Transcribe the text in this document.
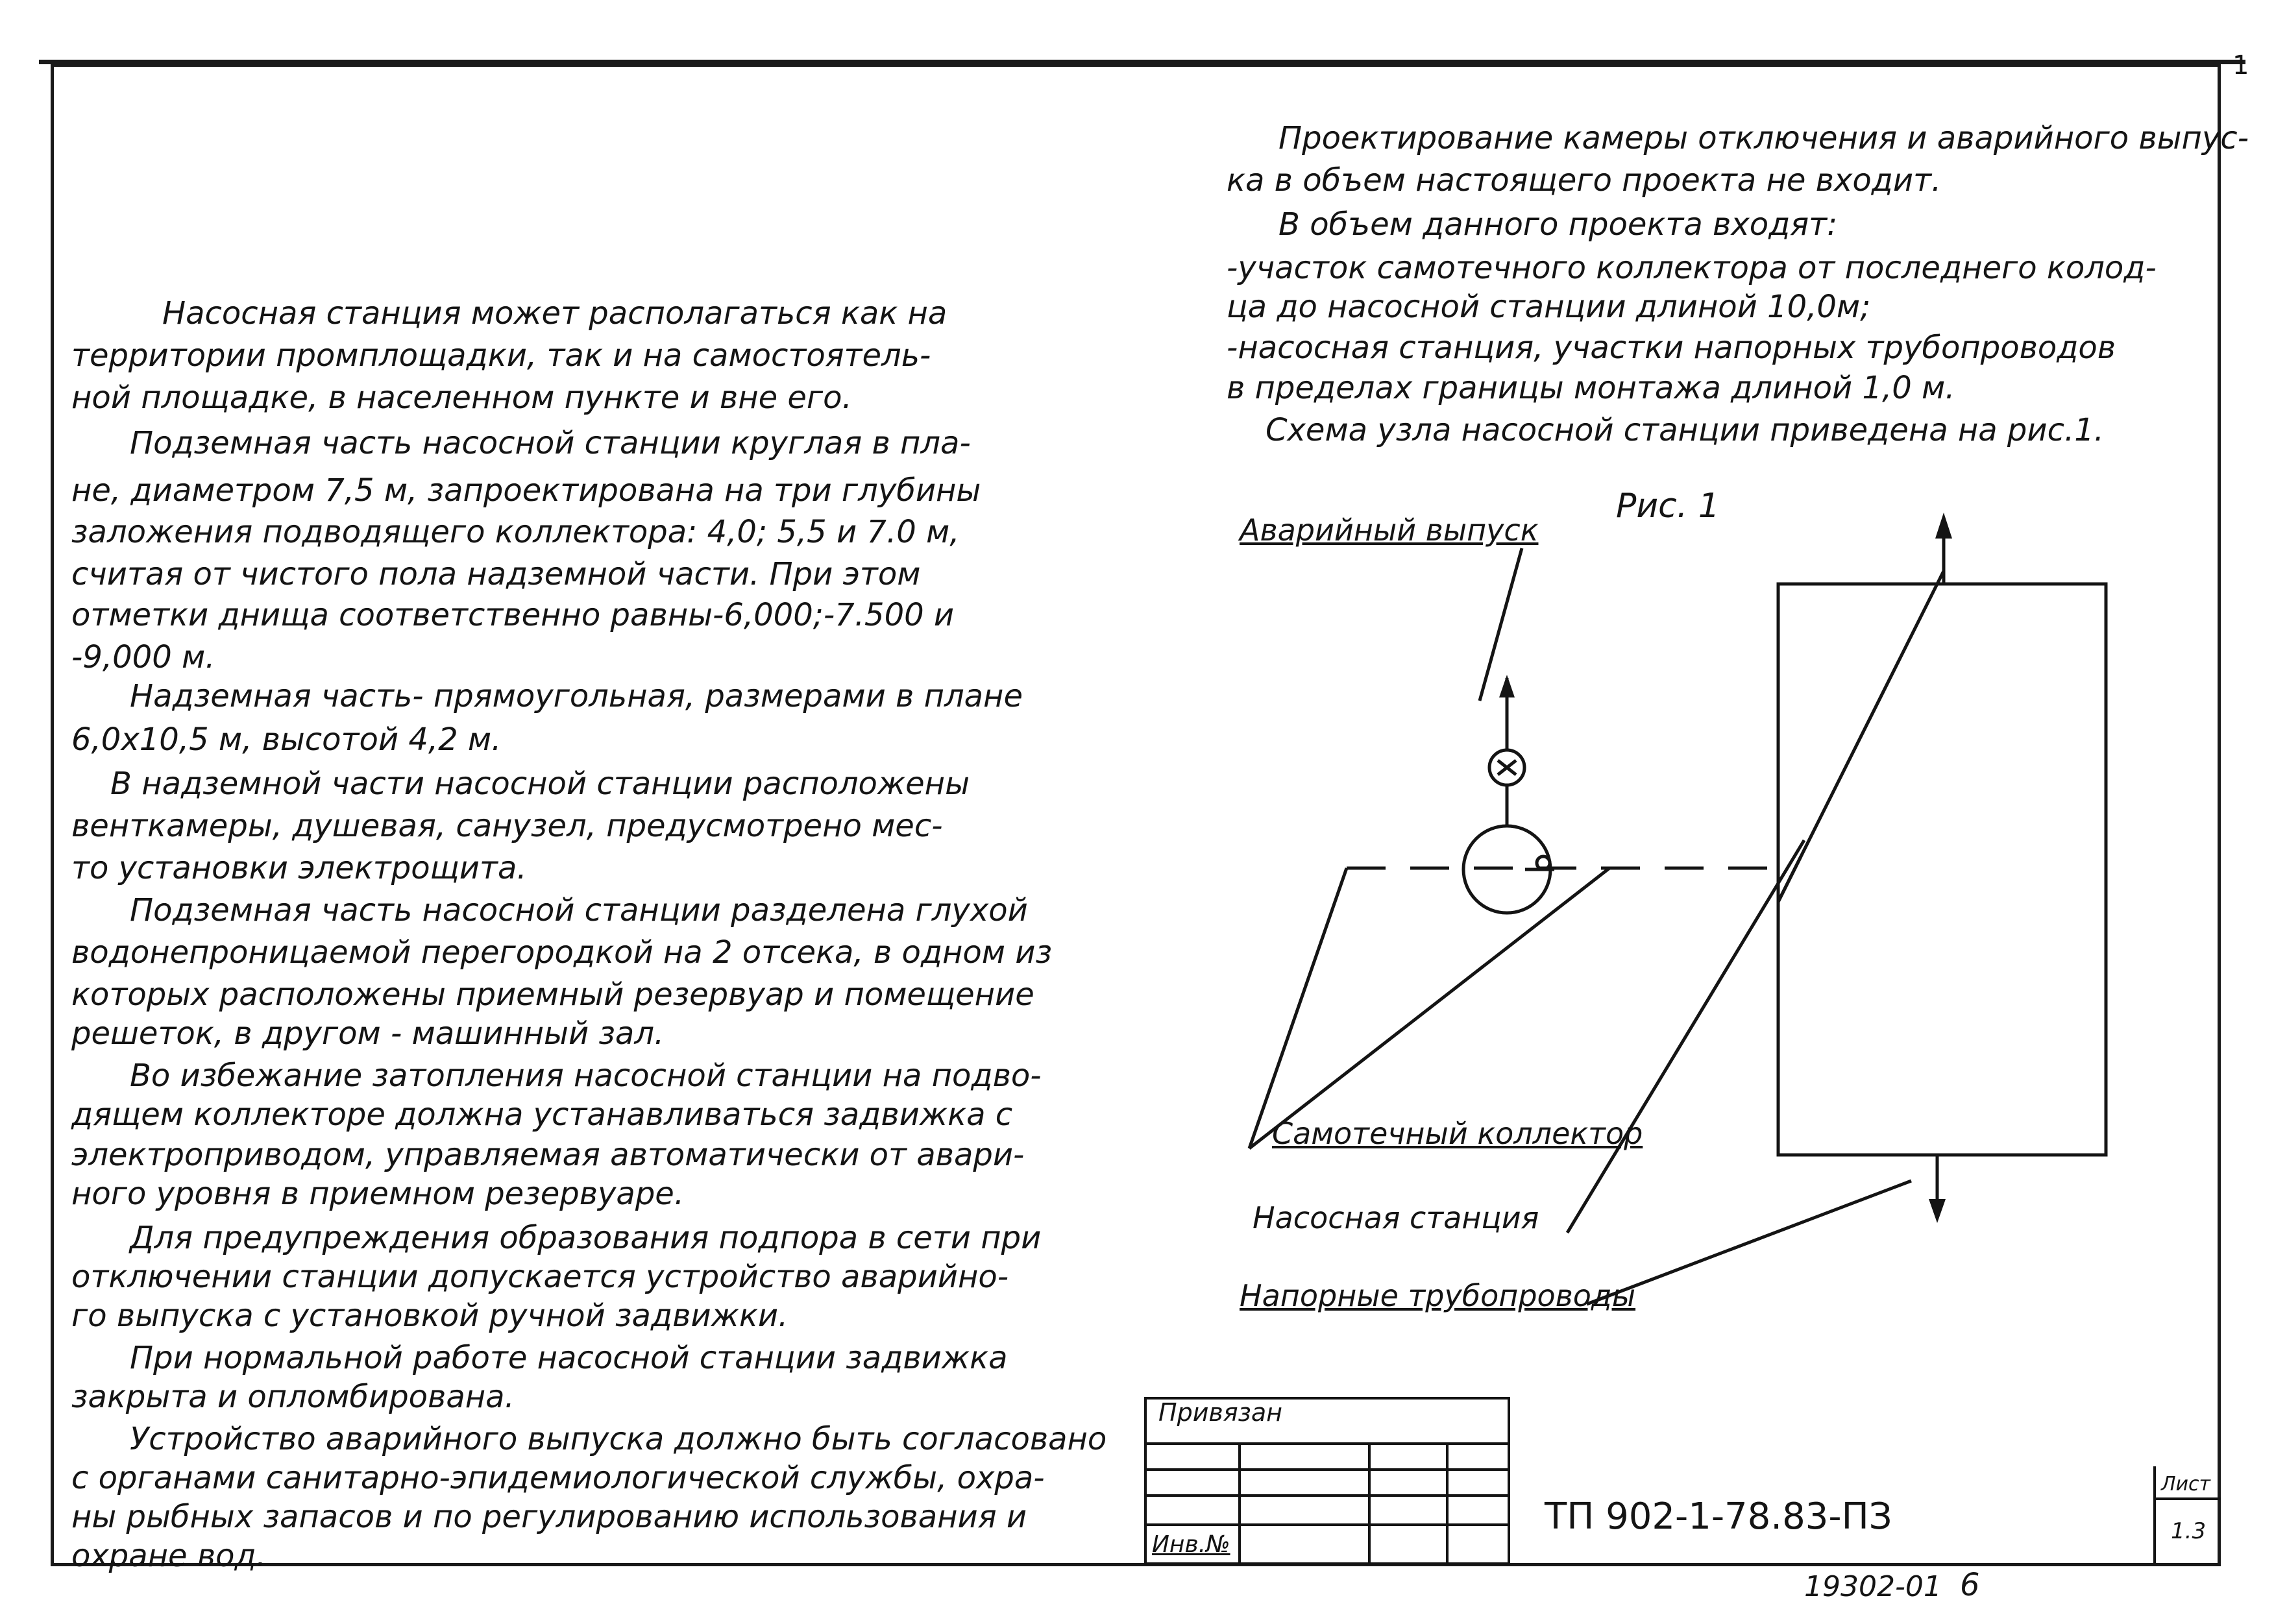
1
Насосная станция может располагаться как на
территории промплощадки, так и на самостоятель-
ной площадке, в населенном пункте и вне его.
Подземная часть насосной станции круглая в пла-
не, диаметром 7,5 м, запроектирована на три глубины
заложения подводящего коллектора: 4,0; 5,5 и 7.0 м,
считая от чистого пола надземной части. При этом
отметки днища соответственно равны-6,000;-7.500 и
-9,000 м.
Надземная часть- прямоугольная, размерами в плане
6,0х10,5 м, высотой 4,2 м.
В надземной части насосной станции расположены
венткамеры, душевая, санузел, предусмотрено мес-
то установки электрощита.
Подземная часть насосной станции разделена глухой
водонепроницаемой перегородкой на 2 отсека, в одном из
которых расположены приемный резервуар и помещение
решеток, в другом - машинный зал.
Во избежание затопления насосной станции на подво-
дящем коллекторе должна устанавливаться задвижка с
электроприводом, управляемая автоматически от авари-
ного уровня в приемном резервуаре.
Для предупреждения образования подпора в сети при
отключении станции допускается устройство аварийно-
го выпуска с установкой ручной задвижки.
При нормальной работе насосной станции задвижка
закрыта и опломбирована.
Устройство аварийного выпуска должно быть согласовано
с органами санитарно-эпидемиологической службы, охра-
ны рыбных запасов и по регулированию использования и
охране вод.
Проектирование камеры отключения и аварийного выпус-
ка в объем настоящего проекта не входит.
В объем данного проекта входят:
-участок самотечного коллектора от последнего колод-
ца до насосной станции длиной 10,0м;
-насосная станция, участки напорных трубопроводов
в пределах границы монтажа длиной 1,0 м.
Схема узла насосной станции приведена на рис.1.
Рис. 1
Аварийный выпуск
Самотечный коллектор
Насосная станция
Напорные трубопроводы
Привязан
Инв.№
ТП 902-1-78.83-ПЗ
Лист
1.3
19302-01 6
